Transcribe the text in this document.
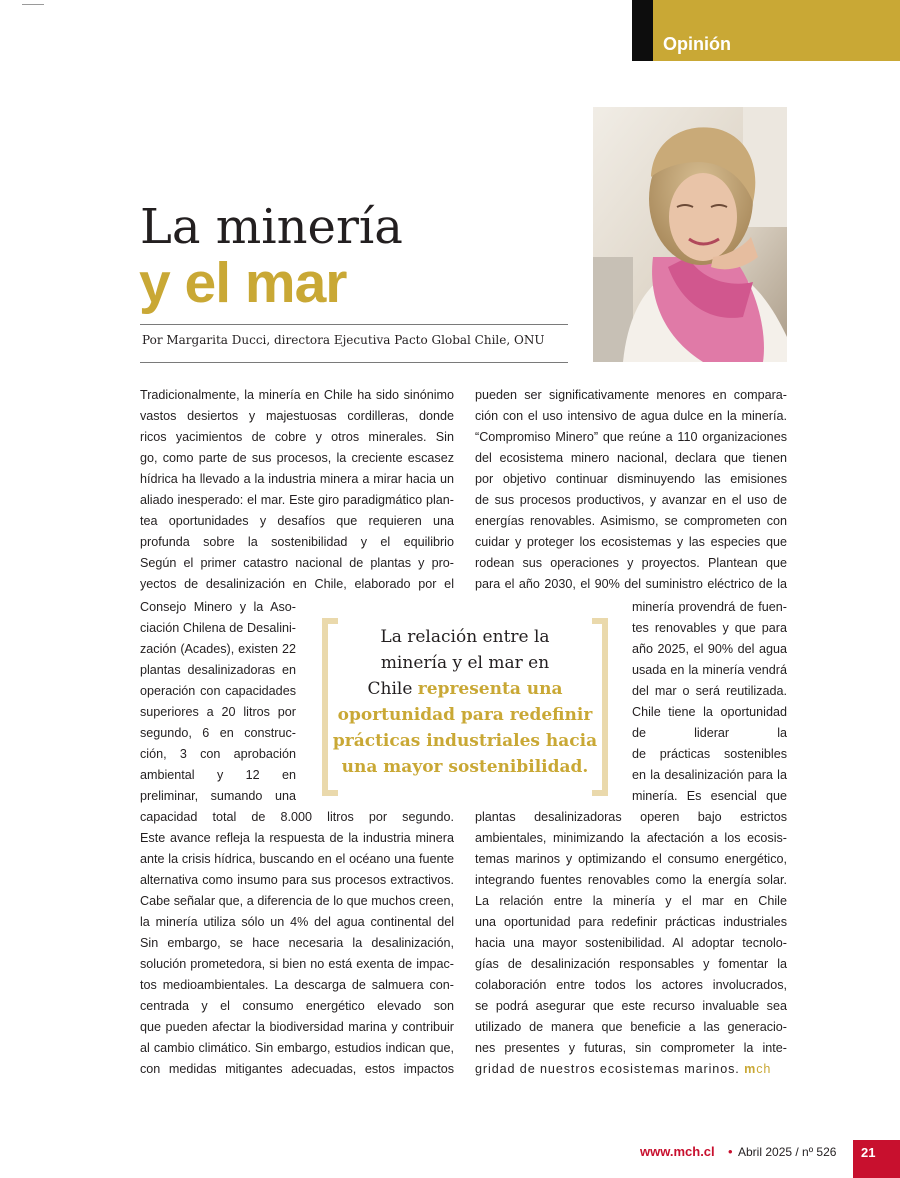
Opinión
La minería
y el mar
Por Margarita Ducci, directora Ejecutiva Pacto Global Chile, ONU
Tradicionalmente, la minería en Chile ha sido sinónimo
vastos desiertos y majestuosas cordilleras, donde
ricos yacimientos de cobre y otros minerales. Sin
go, como parte de sus procesos, la creciente escasez
hídrica ha llevado a la industria minera a mirar hacia un
aliado inesperado: el mar. Este giro paradigmático plan-
tea oportunidades y desafíos que requieren una
profunda sobre la sostenibilidad y el equilibrio
Según el primer catastro nacional de plantas y pro-
yectos de desalinización en Chile, elaborado por el
Consejo Minero y la Aso-
ciación Chilena de Desalini-
zación (Acades), existen 22
plantas desalinizadoras en
operación con capacidades
superiores a 20 litros por
segundo, 6 en construc-
ción, 3 con aprobación
ambiental y 12 en
preliminar, sumando una
capacidad total de 8.000 litros por segundo.
Este avance refleja la respuesta de la industria minera
ante la crisis hídrica, buscando en el océano una fuente
alternativa como insumo para sus procesos extractivos.
Cabe señalar que, a diferencia de lo que muchos creen,
la minería utiliza sólo un 4% del agua continental del
Sin embargo, se hace necesaria la desalinización,
solución prometedora, si bien no está exenta de impac-
tos medioambientales. La descarga de salmuera con-
centrada y el consumo energético elevado son
que pueden afectar la biodiversidad marina y contribuir
al cambio climático. Sin embargo, estudios indican que,
con medidas mitigantes adecuadas, estos impactos
pueden ser significativamente menores en compara-
ción con el uso intensivo de agua dulce en la minería.
“Compromiso Minero” que reúne a 110 organizaciones
del ecosistema minero nacional, declara que tienen
por objetivo continuar disminuyendo las emisiones
de sus procesos productivos, y avanzar en el uso de
energías renovables. Asimismo, se comprometen con
cuidar y proteger los ecosistemas y las especies que
rodean sus operaciones y proyectos. Plantean que
para el año 2030, el 90% del suministro eléctrico de la
minería provendrá de fuen-
tes renovables y que para
año 2025, el 90% del agua
usada en la minería vendrá
del mar o será reutilizada.
Chile tiene la oportunidad
de liderar la
de prácticas sostenibles
en la desalinización para la
minería. Es esencial que
plantas desalinizadoras operen bajo estrictos
ambientales, minimizando la afectación a los ecosis-
temas marinos y optimizando el consumo energético,
integrando fuentes renovables como la energía solar.
La relación entre la minería y el mar en Chile
una oportunidad para redefinir prácticas industriales
hacia una mayor sostenibilidad. Al adoptar tecnolo-
gías de desalinización responsables y fomentar la
colaboración entre todos los actores involucrados,
se podrá asegurar que este recurso invaluable sea
utilizado de manera que beneficie a las generacio-
nes presentes y futuras, sin comprometer la inte-
gridad de nuestros ecosistemas marinos. mch
La relación entre la
minería y el mar en
Chile representa una
oportunidad para redefinir
prácticas industriales hacia
una mayor sostenibilidad.
www.mch.cl • Abril 2025 / nº 526 21
